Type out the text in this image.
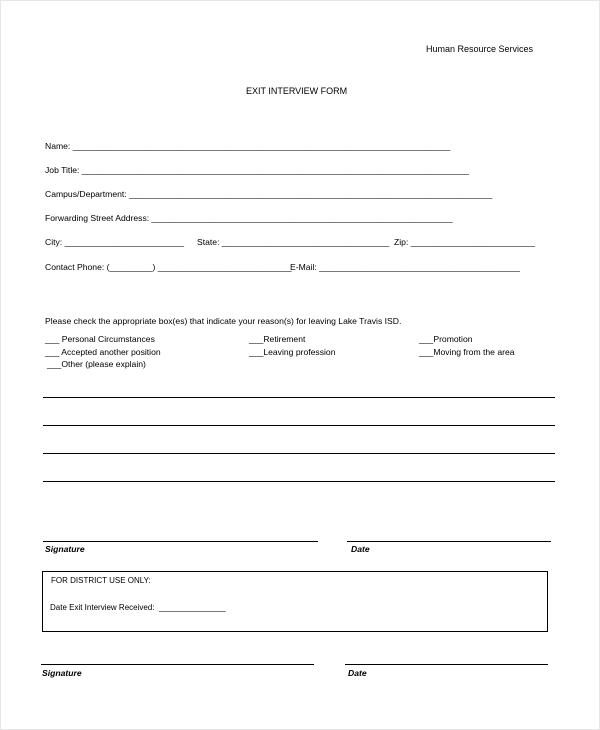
Human Resource Services
EXIT INTERVIEW FORM
Name: _______________________________________________________________________________
Job Title: _________________________________________________________________________________
Campus/Department: ____________________________________________________________________________
Forwarding Street Address: _______________________________________________________________
City: _________________________ State: ___________________________________ Zip: __________________________
Contact Phone: (_________) ____________________________
E-Mail: __________________________________________
Please check the appropriate box(es) that indicate your reason(s) for leaving Lake Travis ISD.
___ Personal Circumstances
___ Accepted another position
___Other (please explain)
___Retirement
___Leaving profession
___Promotion
___Moving from the area
Signature	Date
FOR DISTRICT USE ONLY:
Date Exit Interview Received:  _______________
Signature	Date
